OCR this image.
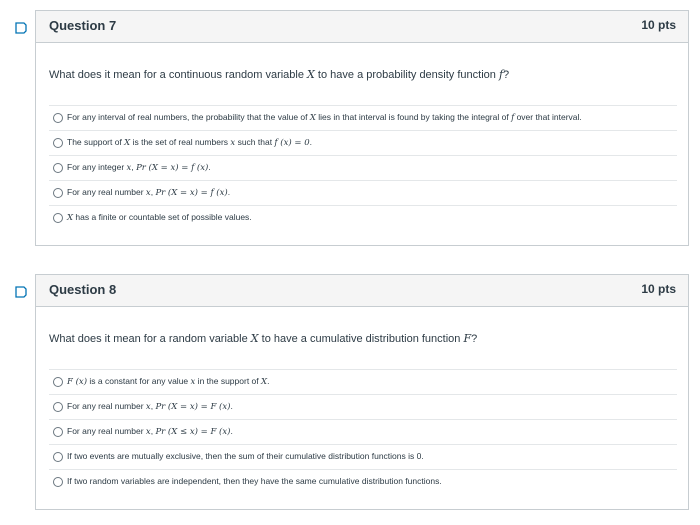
Question 7	10 pts
What does it mean for a continuous random variable X to have a probability density function f?
For any interval of real numbers, the probability that the value of X lies in that interval is found by taking the integral of f over that interval.
The support of X is the set of real numbers x such that f (x) = 0.
For any integer x, Pr (X = x) = f (x).
For any real number x, Pr (X = x) = f (x).
X has a finite or countable set of possible values.
Question 8	10 pts
What does it mean for a random variable X to have a cumulative distribution function F?
F (x) is a constant for any value x in the support of X.
For any real number x, Pr (X = x) = F (x).
For any real number x, Pr (X ≤ x) = F (x).
If two events are mutually exclusive, then the sum of their cumulative distribution functions is 0.
If two random variables are independent, then they have the same cumulative distribution functions.
